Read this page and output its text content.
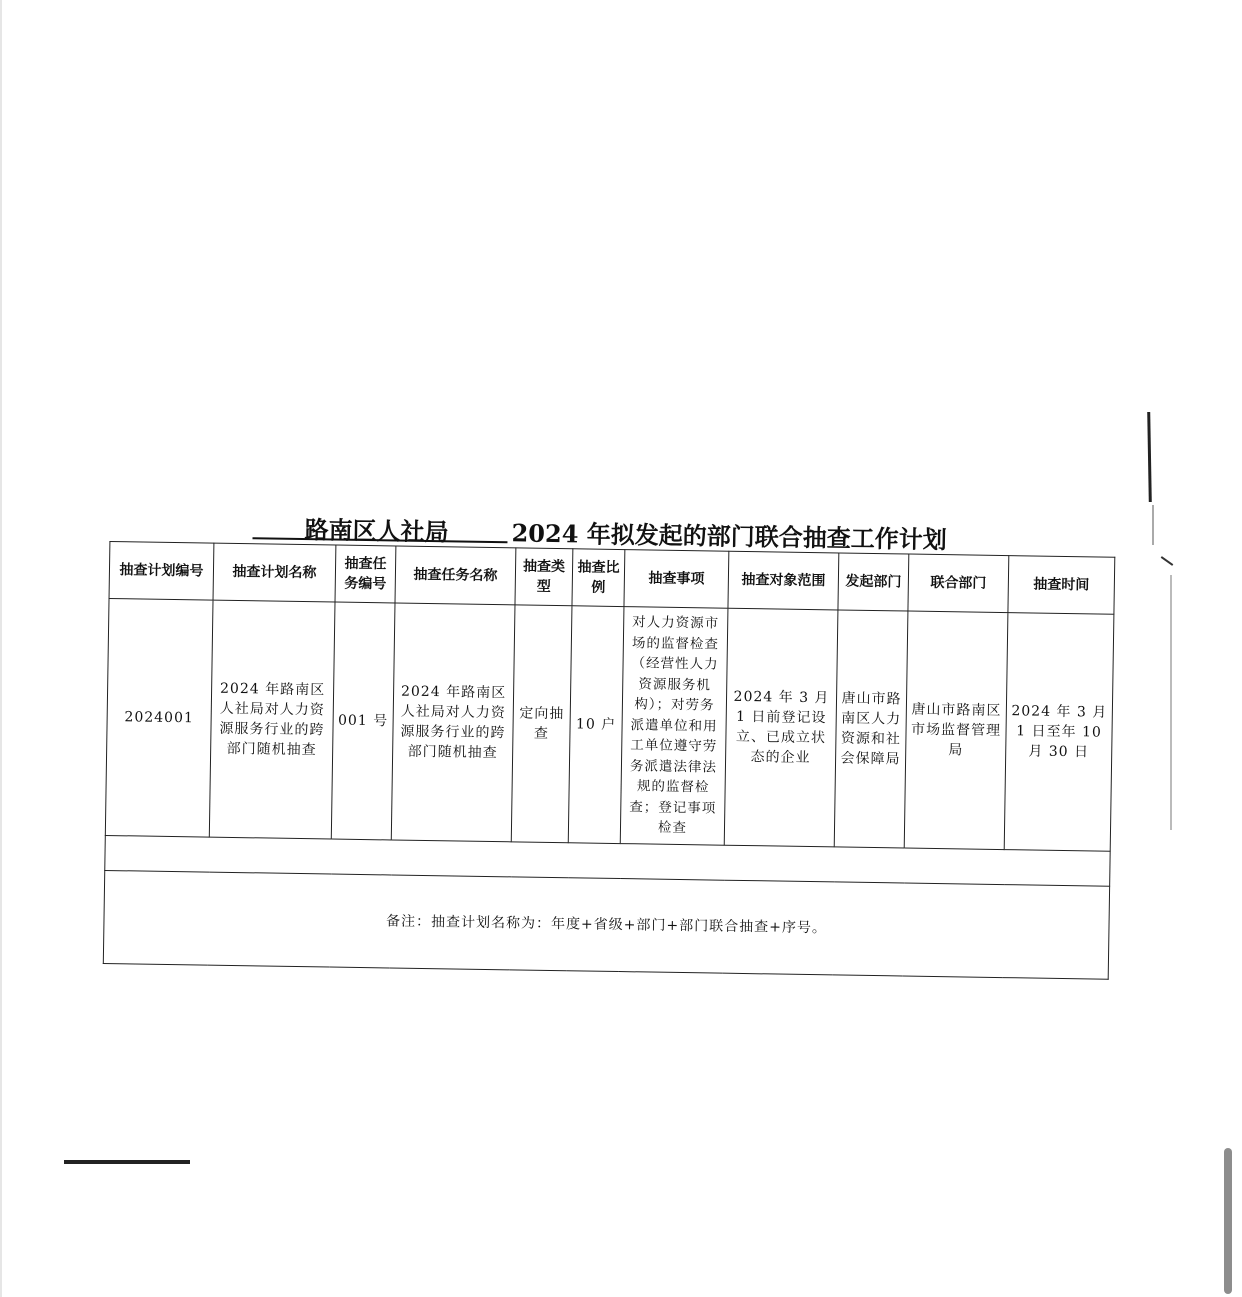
路南区人社局	2024 年拟发起的部门联合抽查工作计划
抽查计划编号	抽查计划名称	抽查任务编号	抽查任务名称	抽查类型	抽查比例	抽查事项	抽查对象范围	发起部门	联合部门	抽查时间
2024001	2024 年路南区人社局对人力资源服务行业的跨部门随机抽查	001 号	2024 年路南区人社局对人力资源服务行业的跨部门随机抽查	定向抽查	10 户	对人力资源市场的监督检查（经营性人力资源服务机构）；对劳务派遣单位和用工单位遵守劳务派遣法律法规的监督检查；登记事项检查	2024 年 3 月 1 日前登记设立、已成立状态的企业	唐山市路南区人力资源和社会保障局	唐山市路南区市场监督管理局	2024 年 3 月 1 日至年 10 月 30 日

备注：抽查计划名称为：年度+省级+部门+部门联合抽查+序号。										
